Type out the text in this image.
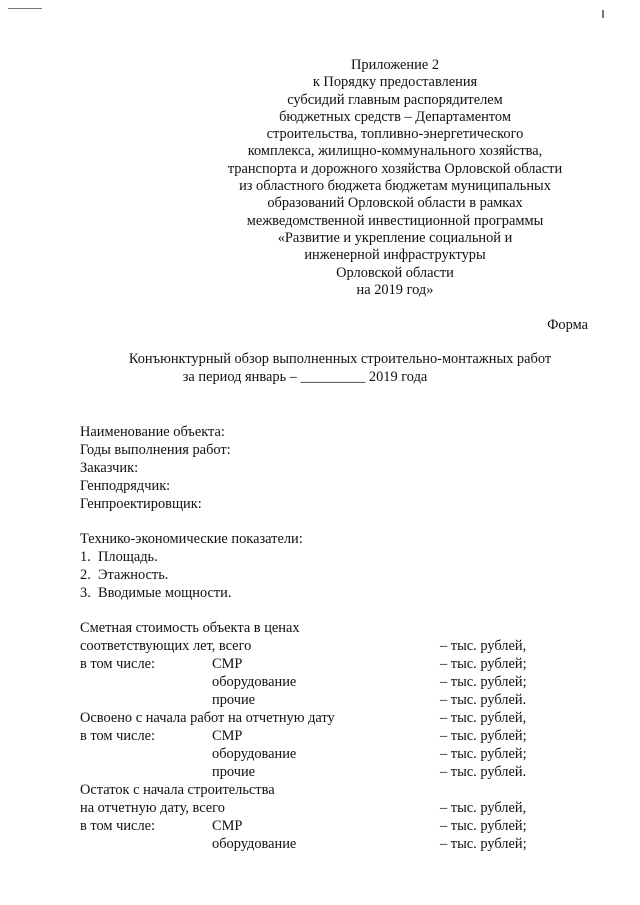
Приложение 2
к Порядку предоставления
субсидий главным распорядителем
бюджетных средств – Департаментом
строительства, топливно-энергетического
комплекса, жилищно-коммунального хозяйства,
транспорта и дорожного хозяйства Орловской области
из областного бюджета бюджетам муниципальных
образований Орловской области в рамках
межведомственной инвестиционной программы
«Развитие и укрепление социальной и
инженерной инфраструктуры
Орловской области
на 2019 год»
Форма
Конъюнктурный обзор выполненных строительно-монтажных работ
за период январь – _________ 2019 года
Наименование объекта:
Годы выполнения работ:
Заказчик:
Генподрядчик:
Генпроектировщик:
Технико-экономические показатели:
1. Площадь.
2. Этажность.
3. Вводимые мощности.
Сметная стоимость объекта в ценах
соответствующих лет, всего	– тыс. рублей,
в том числе:	СМР	– тыс. рублей;
оборудование	– тыс. рублей;
прочие	– тыс. рублей.
Освоено с начала работ на отчетную дату	– тыс. рублей,
в том числе:	СМР	– тыс. рублей;
оборудование	– тыс. рублей;
прочие	– тыс. рублей.
Остаток с начала строительства
на отчетную дату, всего	– тыс. рублей,
в том числе:	СМР	– тыс. рублей;
оборудование	– тыс. рублей;
